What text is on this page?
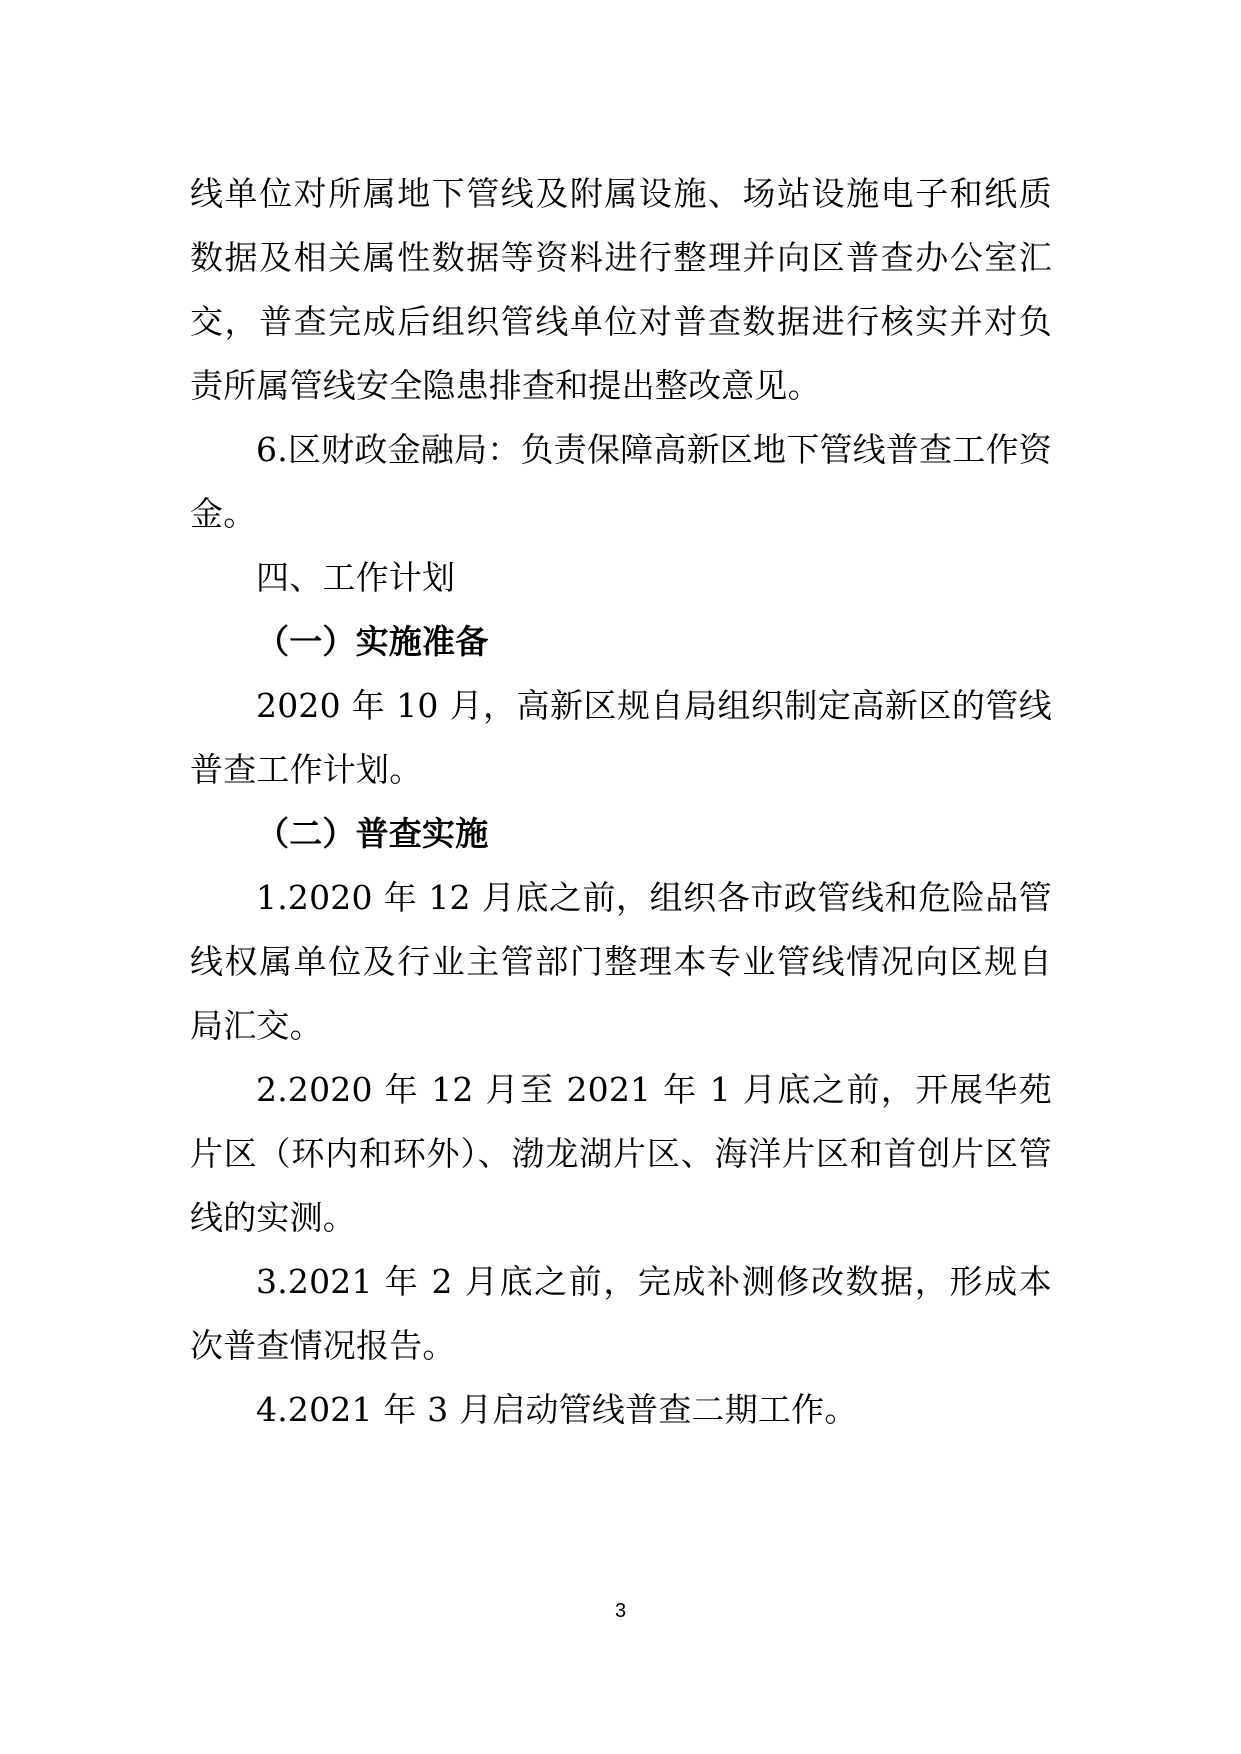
线单位对所属地下管线及附属设施、场站设施电子和纸质数据及相关属性数据等资料进行整理并向区普查办公室汇交，普查完成后组织管线单位对普查数据进行核实并对负责所属管线安全隐患排查和提出整改意见。

6.区财政金融局：负责保障高新区地下管线普查工作资金。

四、工作计划

（一）实施准备

2020 年 10 月，高新区规自局组织制定高新区的管线普查工作计划。

（二）普查实施

1.2020 年 12 月底之前，组织各市政管线和危险品管线权属单位及行业主管部门整理本专业管线情况向区规自局汇交。

2.2020 年 12 月至 2021 年 1 月底之前，开展华苑片区（环内和环外）、渤龙湖片区、海洋片区和首创片区管线的实测。

3.2021 年 2 月底之前，完成补测修改数据，形成本次普查情况报告。

4.2021 年 3 月启动管线普查二期工作。

3
